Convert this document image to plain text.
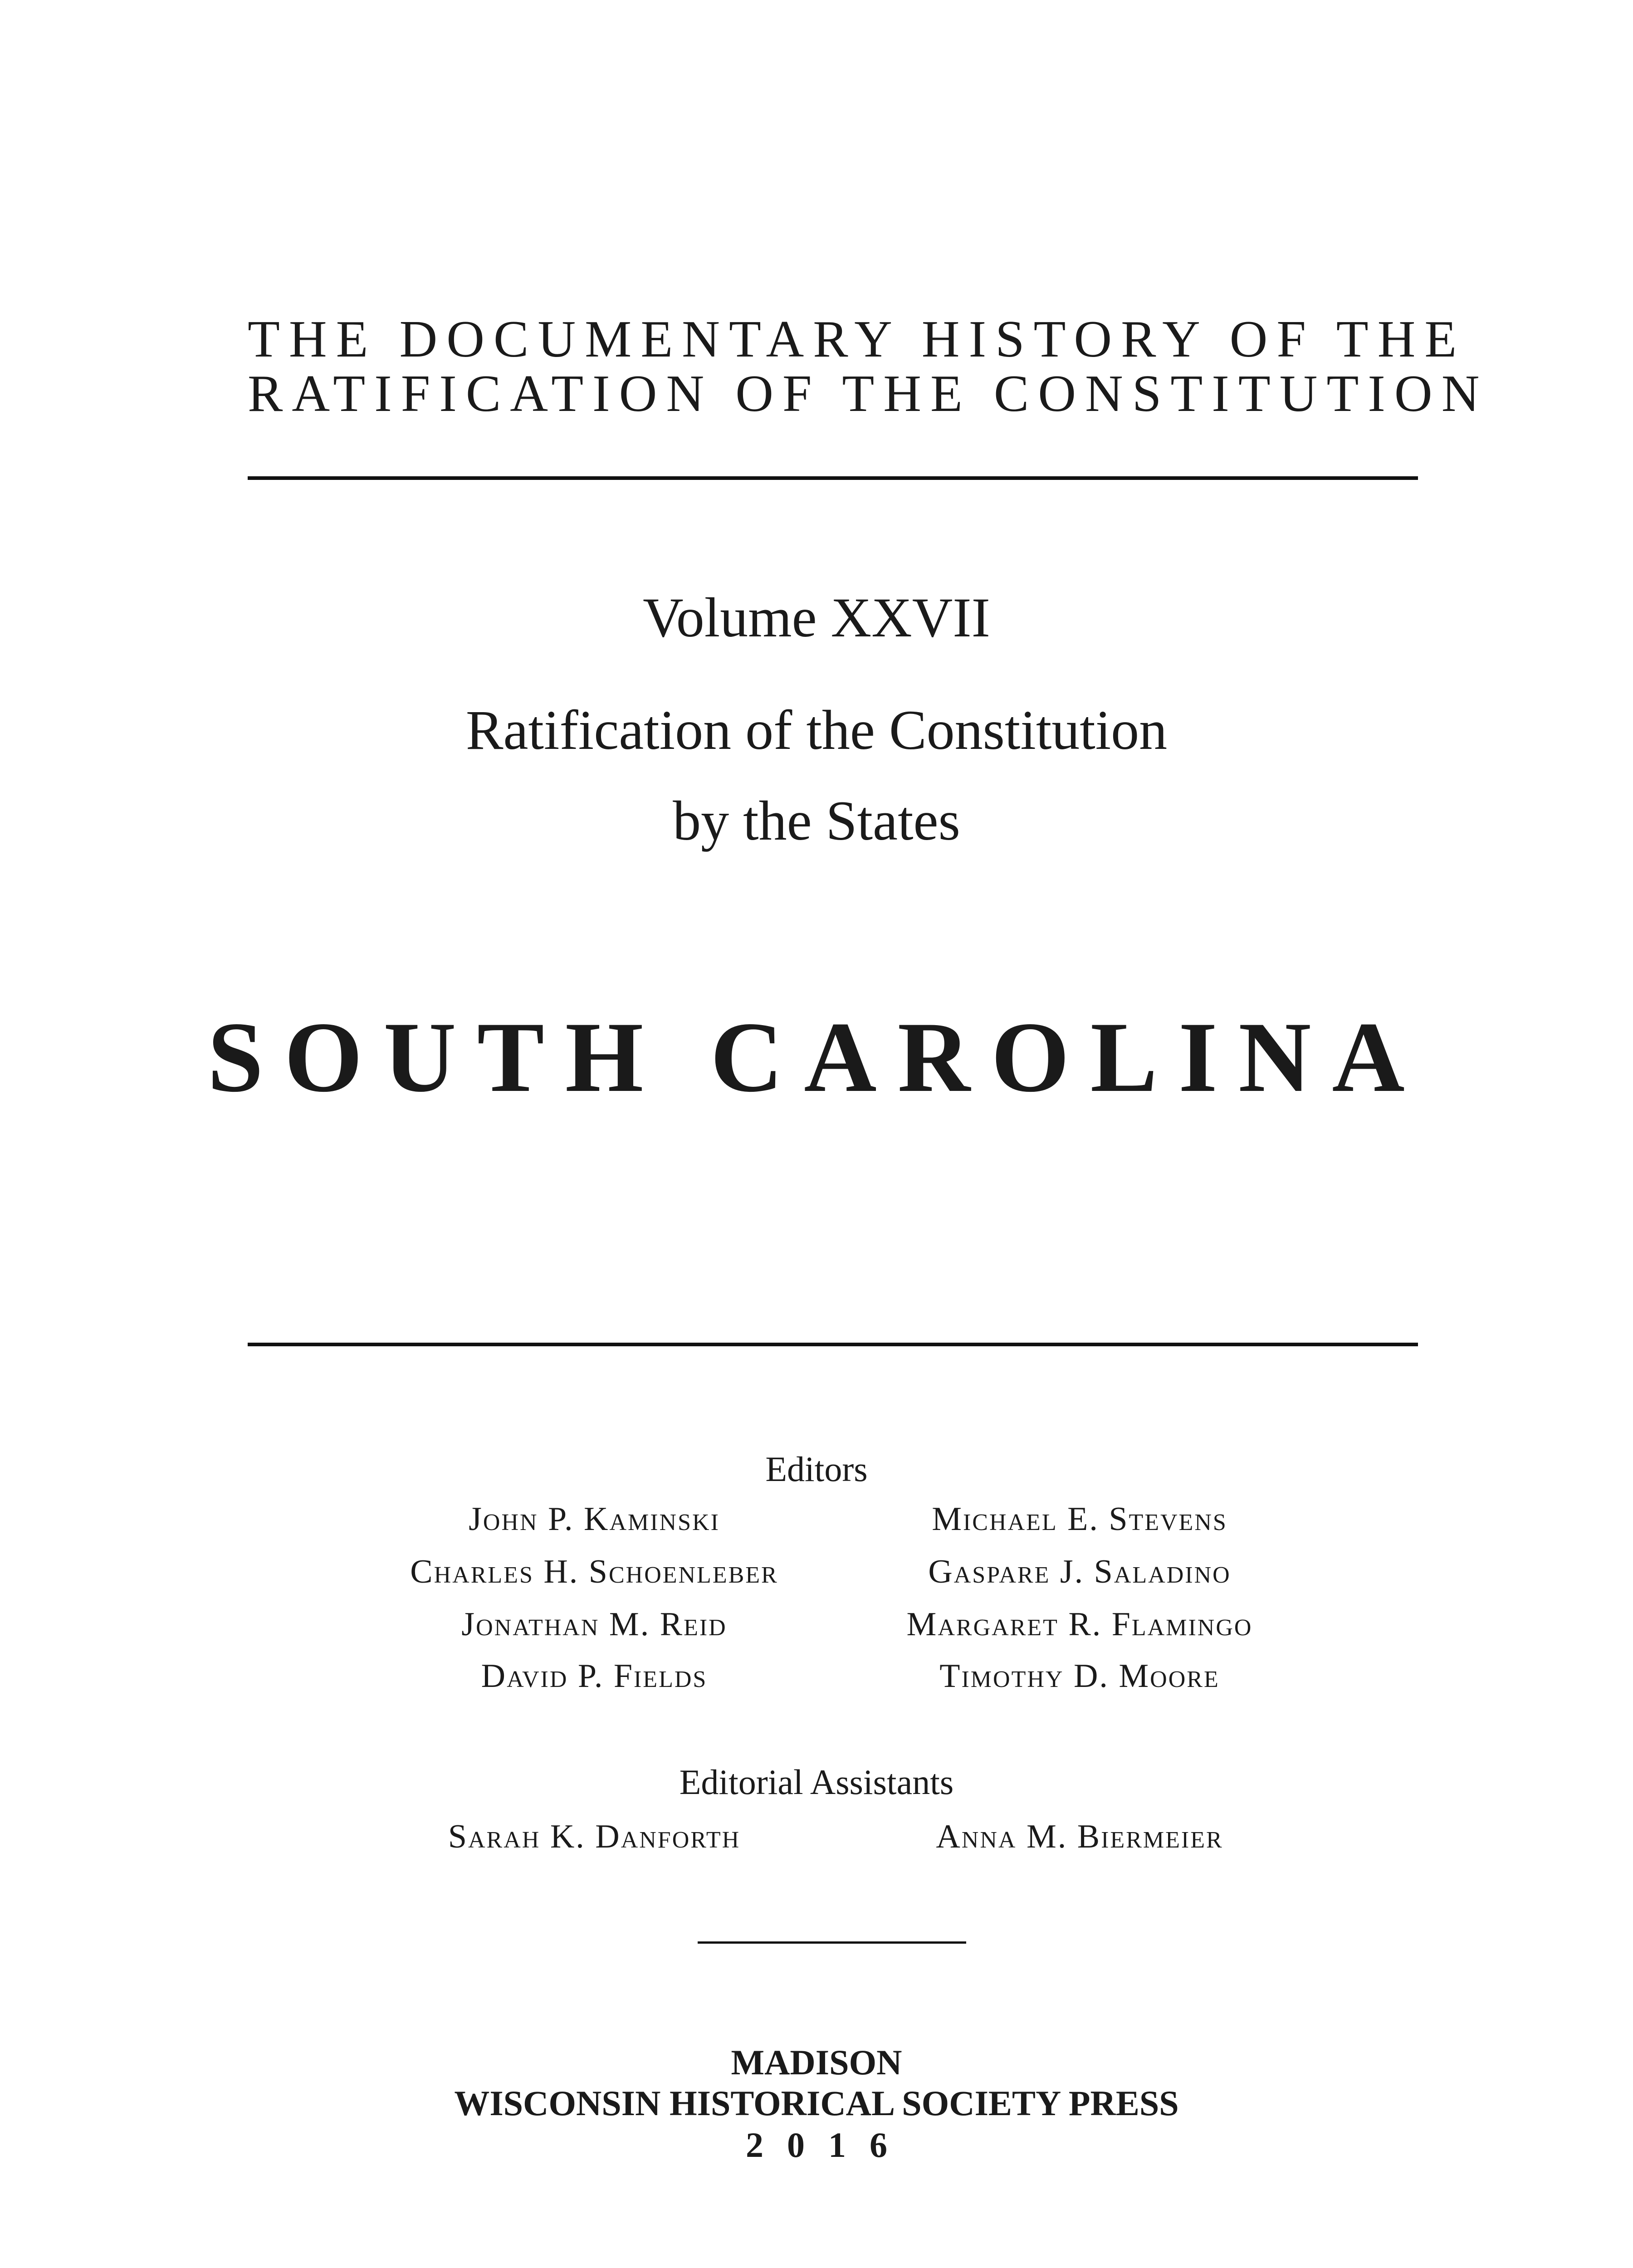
THE DOCUMENTARY HISTORY OF THE
RATIFICATION OF THE CONSTITUTION
Volume XXVII
Ratification of the Constitution
by the States
SOUTH CAROLINA
Editors
John P. Kaminski	Michael E. Stevens
Charles H. Schoenleber	Gaspare J. Saladino
Jonathan M. Reid	Margaret R. Flamingo
David P. Fields	Timothy D. Moore
Editorial Assistants
Sarah K. Danforth	Anna M. Biermeier
MADISON
WISCONSIN HISTORICAL SOCIETY PRESS
2016
